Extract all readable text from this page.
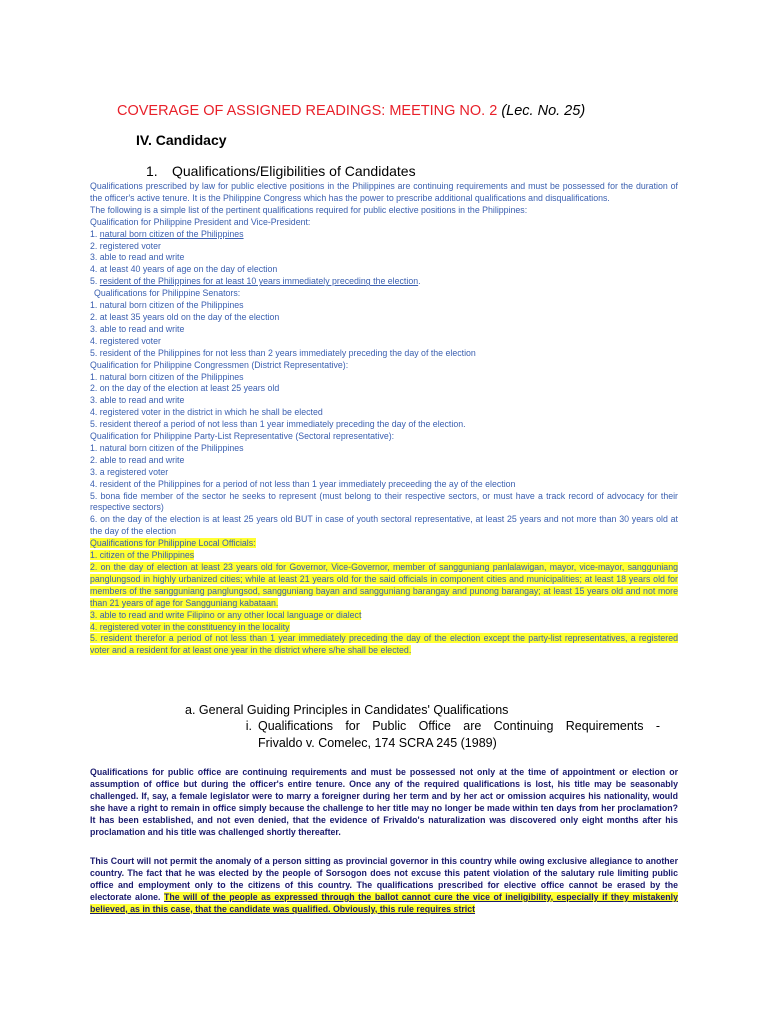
COVERAGE OF ASSIGNED READINGS: MEETING NO. 2 (Lec. No. 25)
IV. Candidacy
1. Qualifications/Eligibilities of Candidates

Qualifications prescribed by law for public elective positions in the Philippines are continuing requirements and must be possessed for the duration of the officer's active tenure. It is the Philippine Congress which has the power to prescribe additional qualifications and disqualifications.

The following is a simple list of the pertinent qualifications required for public elective positions in the Philippines:

Qualification for Philippine President and Vice-President:

1. natural born citizen of the Philippines

2. registered voter

3. able to read and write

4. at least 40 years of age on the day of election

5. resident of the Philippines for at least 10 years immediately preceding the election.

Qualifications for Philippine Senators:

1. natural born citizen of the Philippines

2. at least 35 years old on the day of the election

3. able to read and write

4. registered voter

5. resident of the Philippines for not less than 2 years immediately preceding the day of the election

Qualification for Philippine Congressmen (District Representative):

1. natural born citizen of the Philippines

2. on the day of the election at least 25 years old

3. able to read and write

4. registered voter in the district in which he shall be elected

5. resident thereof a period of not less than 1 year immediately preceding the day of the election.

Qualification for Philippine Party-List Representative (Sectoral representative):

1. natural born citizen of the Philippines

2. able to read and write

3. a registered voter

4. resident of the Philippines for a period of not less than 1 year immediately preceeding the ay of the election

5. bona fide member of the sector he seeks to represent (must belong to their respective sectors, or must have a track record of advocacy for their respective sectors)

6. on the day of the election is at least 25 years old BUT in case of youth sectoral representative, at least 25 years and not more than 30 years old at the day of the election

Qualifications for Philippine Local Officials:

1. citizen of the Philippines

2. on the day of election at least 23 years old for Governor, Vice-Governor, member of sangguniang panlalawigan, mayor, vice-mayor, sangguniang panglungsod in highly urbanized cities; while at least 21 years old for the said officials in component cities and municipalities; at least 18 years old for members of the sangguniang panglungsod, sangguniang bayan and sangguniang barangay and punong barangay; at least 15 years old and not more than 21 years of age for Sangguniang kabataan.

3. able to read and write Filipino or any other local language or dialect

4. registered voter in the constituency in the locality

5. resident therefor a period of not less than 1 year immediately preceding the day of the election except the party-list representatives, a registered voter and a resident for at least one year in the district where s/he shall be elected.

a. General Guiding Principles in Candidates' Qualifications
i. Qualifications for Public Office are Continuing Requirements -
Frivaldo v. Comelec, 174 SCRA 245 (1989)

Qualifications for public office are continuing requirements and must be possessed not only at the time of appointment or election or assumption of office but during the officer's entire tenure. Once any of the required qualifications is lost, his title may be seasonably challenged. If, say, a female legislator were to marry a foreigner during her term and by her act or omission acquires his nationality, would she have a right to remain in office simply because the challenge to her title may no longer be made within ten days from her proclamation? It has been established, and not even denied, that the evidence of Frivaldo's naturalization was discovered only eight months after his proclamation and his title was challenged shortly thereafter.

This Court will not permit the anomaly of a person sitting as provincial governor in this country while owing exclusive allegiance to another country. The fact that he was elected by the people of Sorsogon does not excuse this patent violation of the salutary rule limiting public office and employment only to the citizens of this country. The qualifications prescribed for elective office cannot be erased by the electorate alone. The will of the people as expressed through the ballot cannot cure the vice of ineligibility, especially if they mistakenly believed, as in this case, that the candidate was qualified. Obviously, this rule requires strict
